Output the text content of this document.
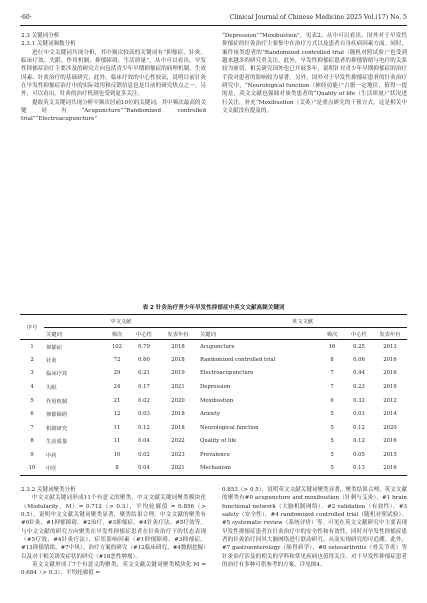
·60·	Clinical Journal of Chinese Medicine 2025 Vol.(17) No. 5

2.3 关键词分析

2.3.1 关键词频数分析

进行中文关键词共现分析，其中频次较高的关键词有“抑郁症、针灸、临床疗效、失眠、作用机制、抑郁障碍、生活质量”。从中可以看出，早发性抑郁症治疗主要涉及的研究方向包括青少年早期抑郁症的病理机制、生成因素、针灸治疗的基础研究。此外，临床疗效的中心性较高，说明目前针灸在早发性抑郁症治疗中的实际效用和反馈信息也是目前的研究热点之一。另外，可以看出，针灸的治疗机制也受到更多关注。

提取英文关键词共现分析中频次居前10位的关键词，其中频次最高的关键词有“Acupuncture”“Randomized controlled trial”“Electroacupuncture”

“Depression”“Moxibustion”，见表2。从中可以看出，国外对于早发性抑郁症的针灸治疗主要集中在治疗方式以及患者自身疾病因素方面。同时，案件该类患者的“Randomized controlled trial（随机对照试验）”也受到越来越多的研究者关注。此外，早发性抑郁症患者的抑郁情绪与电疗的关系较为密切，相关研究国外也已开展多年，说明针对青少年早期抑郁症的治疗手段对患者的影响较为显著。另外，国外对于早发性抑郁症患者的针灸治疗研究中，“Neurological function（神经功能）”占据一定地位，值得一提的是，英文文献也强调对该类患者的“Quality of life（生活质量）”状况进行关注，补充“Moxibustion（艾灸）”是重点研究的干预方式，这是相关中文文献没有提及的。

表 2 针灸治疗青少年早发性抑郁症中英文文献高频关键词
序号	中文文献				英文文献			
	关键词	频次	中心性	发表年份	关键词	频次	中心性	发表年份
1	抑郁症	102	0.79	2018	Acupuncture	16	0.25	2013
2	针灸	72	0.60	2018	Randomized controlled trial	8	0.06	2016
3	临床疗效	29	0.21	2019	Electroacupuncture	7	0.44	2016
4	失眠	24	0.17	2021	Depression	7	0.23	2019
5	作用机制	21	0.02	2020	Moxibustion	6	0.32	2012
6	抑郁障碍	12	0.03	2018	Anxiety	5	0.01	2014
7	机制研究	11	0.12	2018	Neurological function	5	0.12	2020
8	生活质量	11	0.04	2022	Quality of life	5	0.12	2016
9	中药	10	0.02	2023	Prevalence	5	0.05	2015
10	中医	8	0.04	2021	Mechanism	5	0.13	2016

2.3.2 关键词聚类分析

中文文献关键词形成11个有意义的聚类，中文文献关键词聚类模块化（Modularity，M）= 0.712（> 0.3），平均轮廓值 = 0.856（> 0.5），说明中文文献关键词聚类显著，聚类结果合理。中文文献的聚类有#0针灸、#1抑郁障碍、#2治疗、#3抑郁症、#4针灸疗法、#5疗效等。与中文文献的研究方向聚类在早发性抑郁症患者在针灸治疗下的状态表现（#5疗效、#4针灸疗法）、症状影响因素（#1抑郁障碍、#3抑郁症、#13抑郁情绪、#7中风）、治疗方案的研究（#12临床研究、#4数据挖掘）以及对于相关诱发症状的研究（#18恶性肿瘤）。

英文文献形成了7个有意义的聚类，英文文献关键词聚类模块化 M = 0.684（> 0.3），平均轮廓值 =

0.853（> 0.5），说明英文文献关键词聚类显著，聚类结果合理。英文文献的聚类有#0 acupuncture and moxibustion（针刺与艾灸）、#1 brain functional network（大脑机制网络）、#2 validation（有效性）、#3 safety（安全性）、#4 randomized controlled trial（随机对照试验）、#5 systematic review（系统评价）等。可见在英文文献研究中主要表现早发性抑郁症患者在针灸治疗中的安全性和有效性，同时对早发性抑郁症患者的针灸治疗同其大脑网络进行联动研究，从而实现研究的可追溯。此外，#7 gastroenterology（肠胃病学）、#8 osteoarthritis（骨关节炎）等针灸治疗涉及的相关的学科和常见疾病也值得关注。对于早发性抑郁症患者的治疗有多种可供参考的方案，详见图4。
